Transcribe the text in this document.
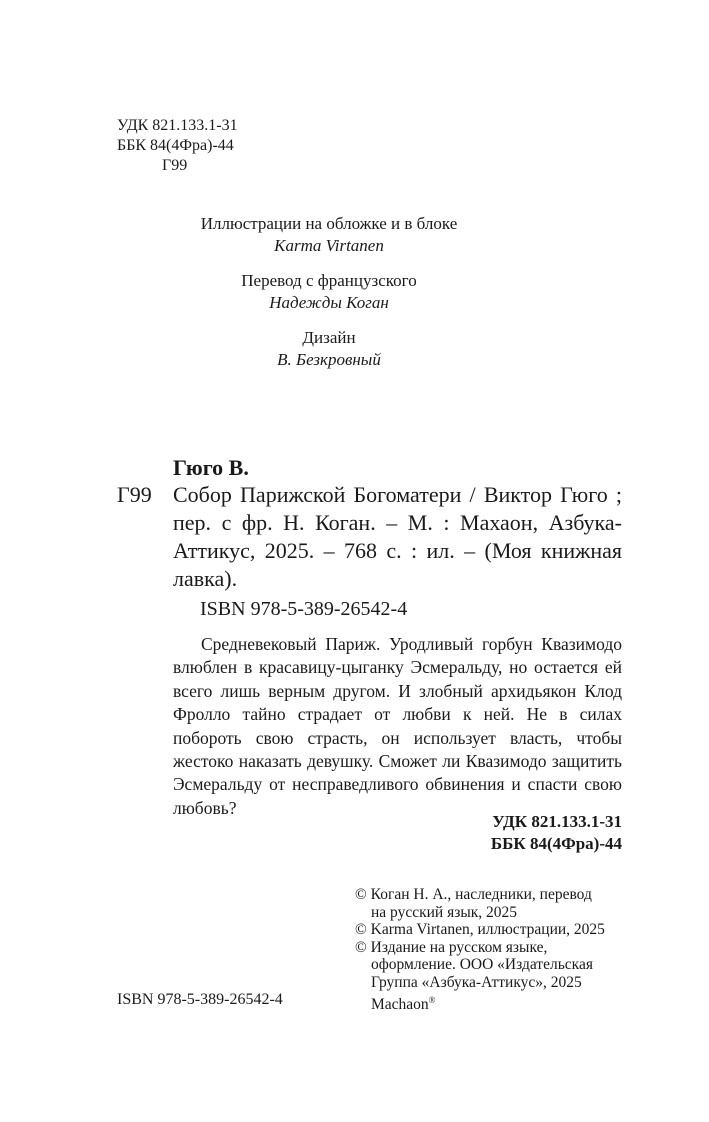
УДК 821.133.1-31
ББК 84(4Фра)-44
Г99
Иллюстрации на обложке и в блоке
Karma Virtanen
Перевод с французского
Надежды Коган
Дизайн
В. Безкровный
Гюго В.
Г99 Собор Парижской Богоматери / Виктор Гюго ; пер. с фр. Н. Коган. – М. : Махаон, Азбука-Аттикус, 2025. – 768 с. : ил. – (Моя книжная лавка).
ISBN 978-5-389-26542-4
Средневековый Париж. Уродливый горбун Квазимодо влюблен в красавицу-цыганку Эсмеральду, но остается ей всего лишь верным другом. И злобный архидьякон Клод Фролло тайно страдает от любви к ней. Не в силах побороть свою страсть, он использует власть, чтобы жестоко наказать девушку. Сможет ли Квазимодо защитить Эсмеральду от несправедливого обвинения и спасти свою любовь?
УДК 821.133.1-31
ББК 84(4Фра)-44
© Коган Н. А., наследники, перевод
на русский язык, 2025
© Karma Virtanen, иллюстрации, 2025
© Издание на русском языке,
оформление. ООО «Издательская
Группа «Азбука-Аттикус», 2025
Machaon®
ISBN 978-5-389-26542-4
